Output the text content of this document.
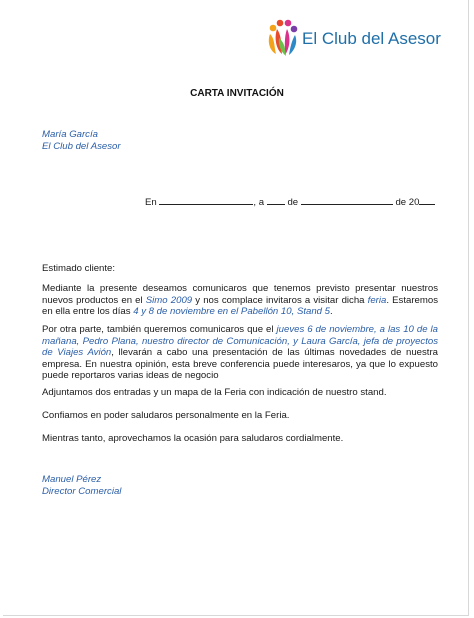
El Club del Asesor
CARTA INVITACIÓN
María García
El Club del Asesor
En	, a de	de 20
Estimado cliente:
Mediante la presente deseamos comunicaros que tenemos previsto presentar nuestros nuevos productos en el Simo 2009 y nos complace invitaros a visitar dicha feria. Estaremos en ella entre los días 4 y 8 de noviembre en el Pabellón 10, Stand 5.
Por otra parte, también queremos comunicaros que el jueves 6 de noviembre, a las 10 de la mañana, Pedro Plana, nuestro director de Comunicación, y Laura García, jefa de proyectos de Viajes Avión, llevarán a cabo una presentación de las últimas novedades de nuestra empresa. En nuestra opinión, esta breve conferencia puede interesaros, ya que lo expuesto puede reportaros varias ideas de negocio
Adjuntamos dos entradas y un mapa de la Feria con indicación de nuestro stand.
Confiamos en poder saludaros personalmente en la Feria.
Mientras tanto, aprovechamos la ocasión para saludaros cordialmente.
Manuel Pérez
Director Comercial
